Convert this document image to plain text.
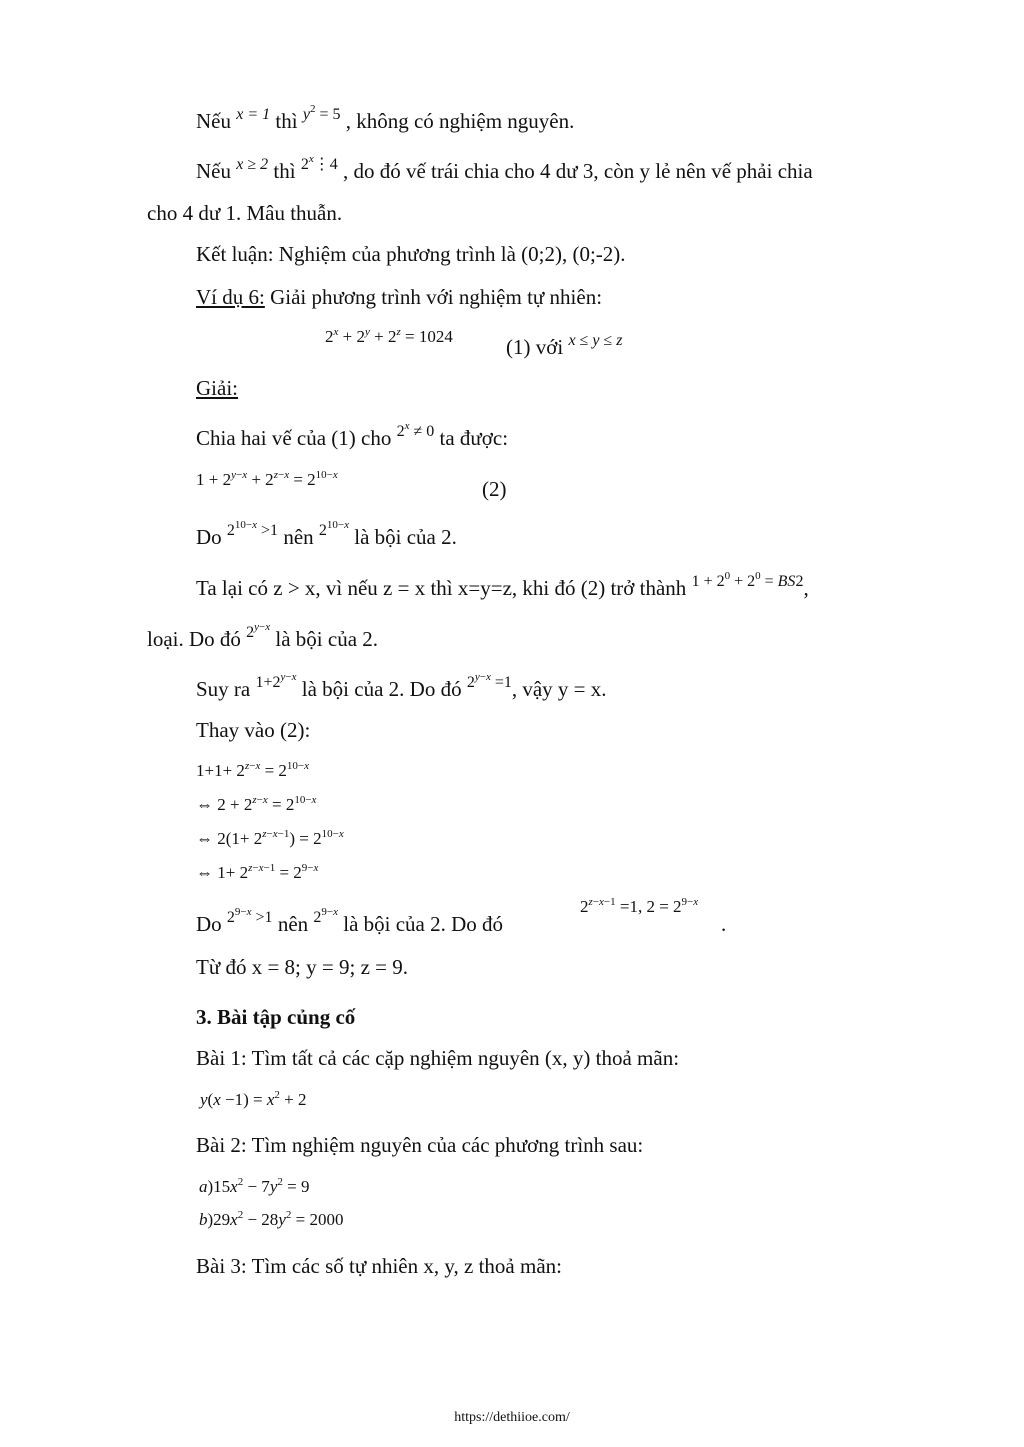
Nếu x = 1 thì $y^2 = 5$ , không có nghiệm nguyên.
Nếu x ≥ 2 thì 2$^x$⋮4 , do đó vế trái chia cho 4 dư 3, còn y lẻ nên vế phải chia
cho 4 dư 1. Mâu thuẫn.
Kết luận: Nghiệm của phương trình là (0;2), (0;-2).
Ví dụ 6: Giải phương trình với nghiệm tự nhiên:
$2^x + 2^y + 2^z = 1024$	(1) với x ≤ y ≤ z
Giải:
Chia hai vế của (1) cho $2^x \ne 0$ ta được:
$1 + 2^{y-x} + 2^{z-x} = 2^{10-x}$
(2)
Do $2^{10-x} >1$ nên $2^{10-x}$ là bội của 2.
Ta lại có z > x, vì nếu z = x thì x=y=z, khi đó (2) trở thành $1 + 2^0 + 2^0 = BS2$,
loại. Do đó $2^{y-x}$ là bội của 2.
Suy ra $1+2^{y-x}$ là bội của 2. Do đó $2^{y-x} =1$, vậy y = x.
Thay vào (2):
$1+1+ 2^{z-x} = 2^{10-x}$
⇔ $2 + 2^{z-x} = 2^{10-x}$
⇔ $2(1+ 2^{z-x-1}) = 2^{10-x}$
⇔ $1+ 2^{z-x-1} = 2^{9-x}$
Do $2^{9-x} >1$ nên $2^{9-x}$ là bội của 2. Do đó
$2^{z-x-1} =1$, $2 = 2^{9-x}$
.
Từ đó x = 8; y = 9; z = 9.
3. Bài tập củng cố
Bài 1: Tìm tất cả các cặp nghiệm nguyên (x, y) thoả mãn:
$y(x -1) = x^2 + 2$
Bài 2: Tìm nghiệm nguyên của các phương trình sau:
$a)15x^2 - 7y^2 = 9$
$b)29x^2 - 28y^2 = 2000$
Bài 3: Tìm các số tự nhiên x, y, z thoả mãn:
https://dethiioe.com/
